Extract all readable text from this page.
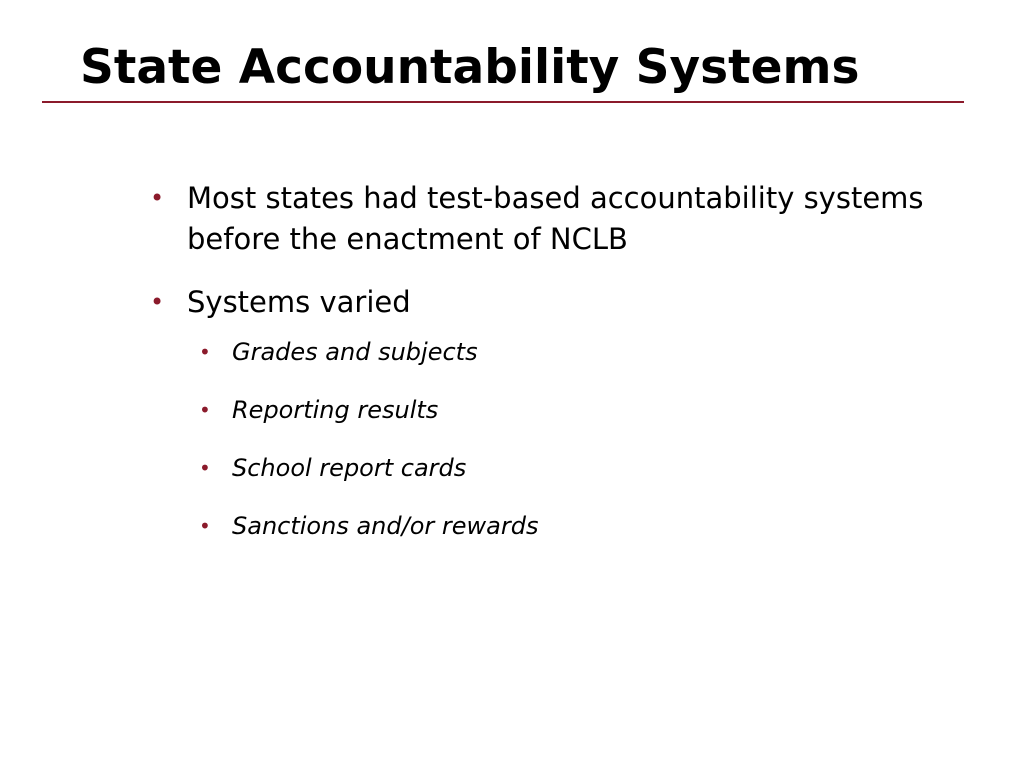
State Accountability Systems
• Most states had test-based accountability systems before the enactment of NCLB
• Systems varied
• Grades and subjects
• Reporting results
• School report cards
• Sanctions and/or rewards
